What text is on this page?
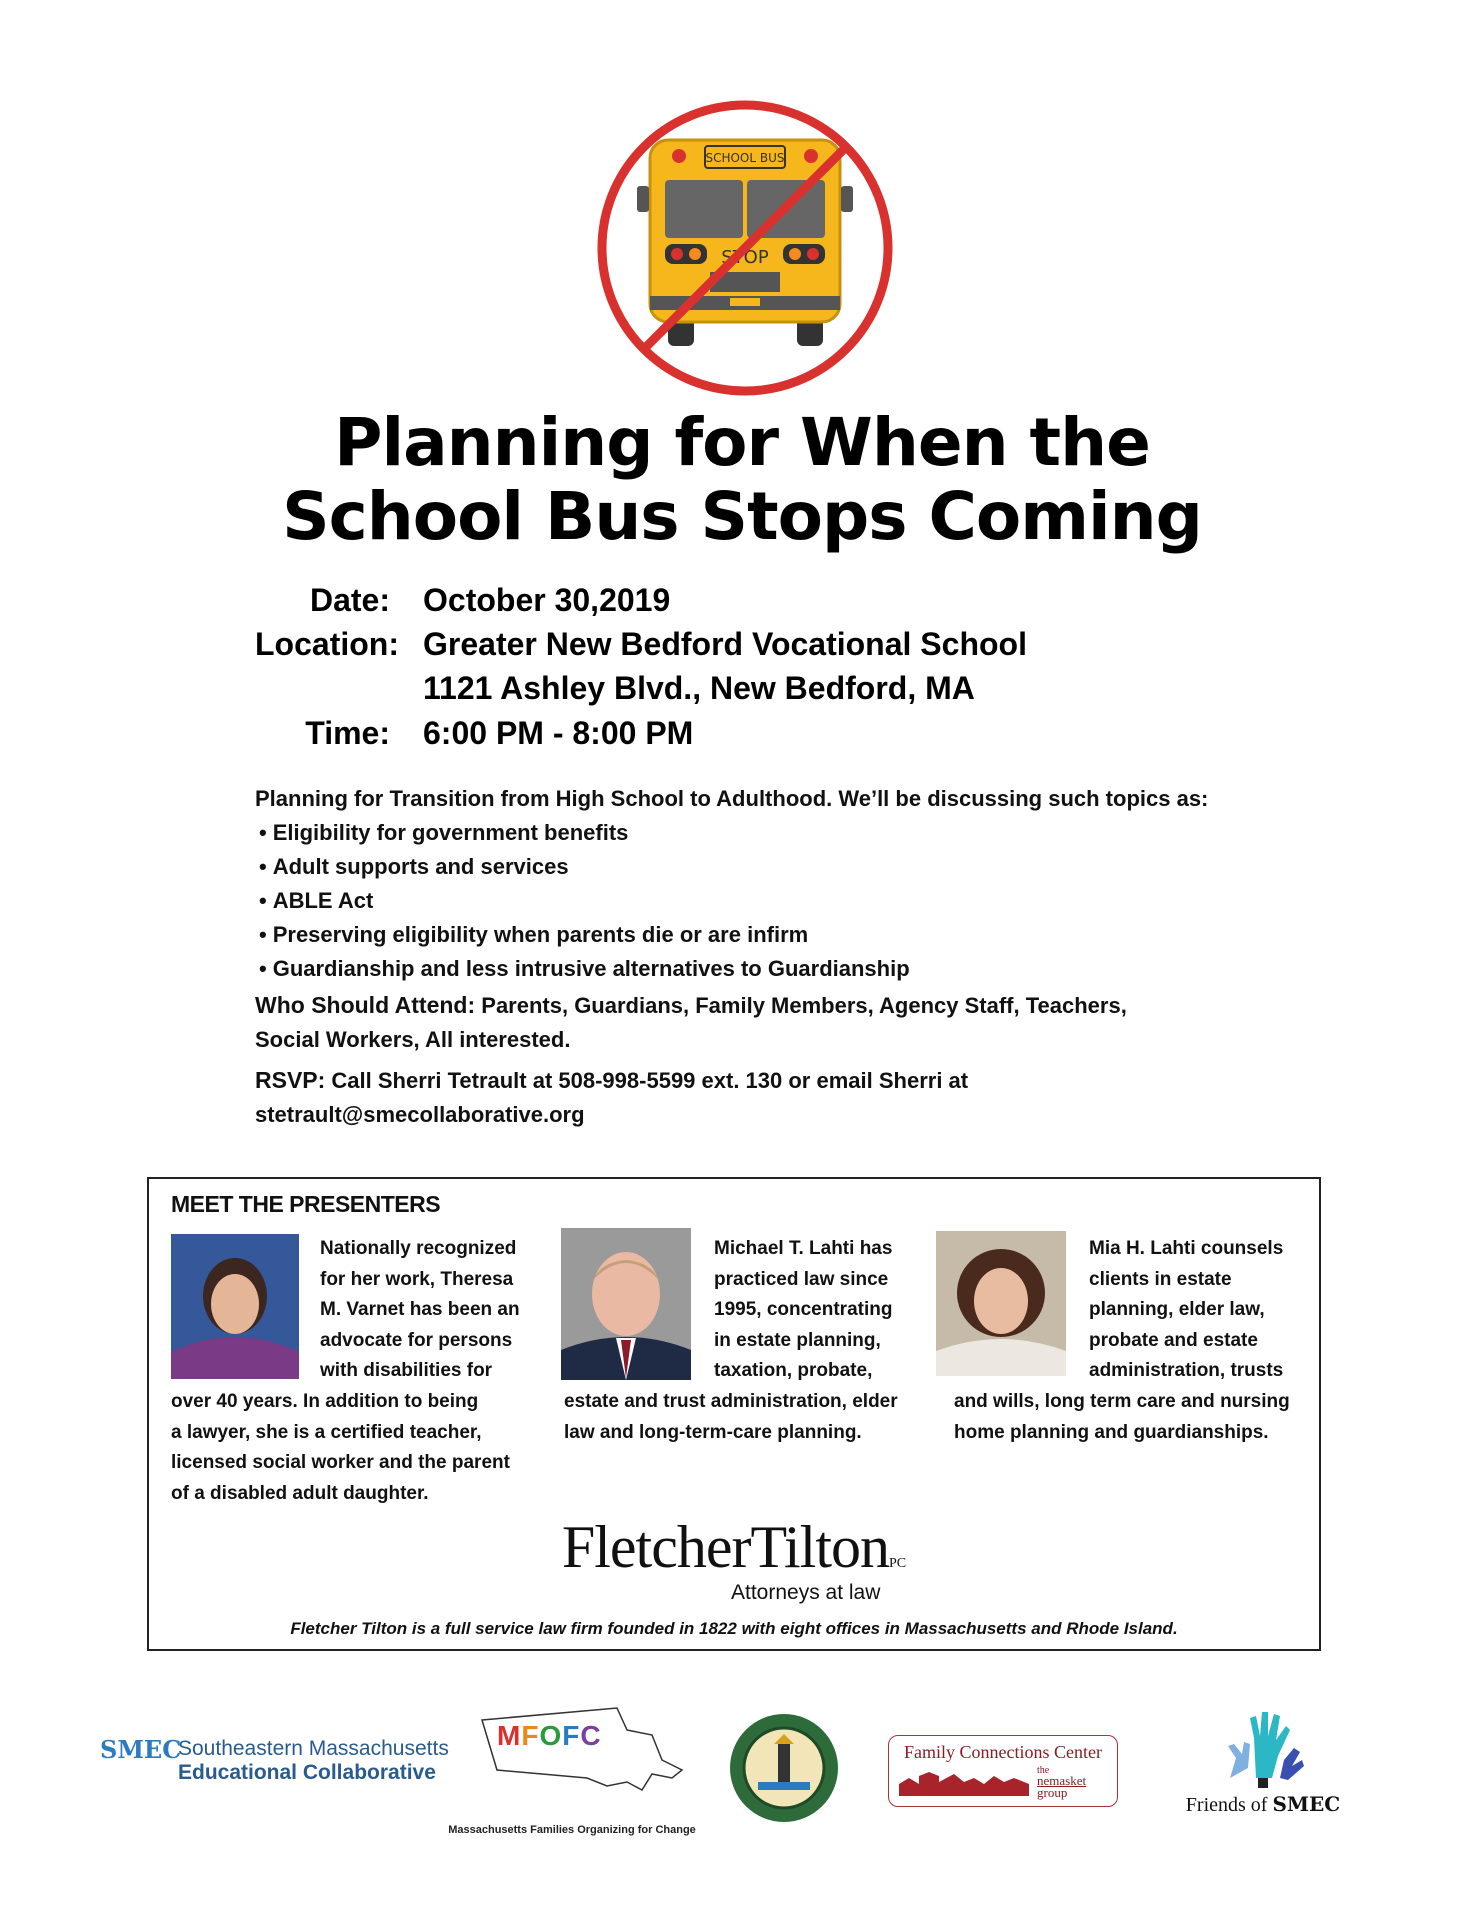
SCHOOL BUS
STOP
Planning for When the
School Bus Stops Coming
Date: October 30,2019
Location: Greater New Bedford Vocational School
1121 Ashley Blvd., New Bedford, MA
Time: 6:00 PM - 8:00 PM
Planning for Transition from High School to Adulthood. We’ll be discussing such topics as:
• Eligibility for government benefits
• Adult supports and services
• ABLE Act
• Preserving eligibility when parents die or are infirm
• Guardianship and less intrusive alternatives to Guardianship
Who Should Attend: Parents, Guardians, Family Members, Agency Staff, Teachers,
Social Workers, All interested.
RSVP: Call Sherri Tetrault at 508-998-5599 ext. 130 or email Sherri at
stetrault@smecollaborative.org
MEET THE PRESENTERS
Nationally recognized
for her work, Theresa
M. Varnet has been an
advocate for persons
with disabilities for
over 40 years. In addition to being
a lawyer, she is a certified teacher,
licensed social worker and the parent
of a disabled adult daughter.
Michael T. Lahti has
practiced law since
1995, concentrating
in estate planning,
taxation, probate,
estate and trust administration, elder
law and long-term-care planning.
Mia H. Lahti counsels
clients in estate
planning, elder law,
probate and estate
administration, trusts
and wills, long term care and nursing
home planning and guardianships.
FletcherTiltonPC
Attorneys at law
Fletcher Tilton is a full service law firm founded in 1822 with eight offices in Massachusetts and Rhode Island.
SMEC
Southeastern Massachusetts
Educational Collaborative
MFOFC
Massachusetts Families Organizing for Change
Family Connections Center
the
nemasket
group
Friends of SMEC
